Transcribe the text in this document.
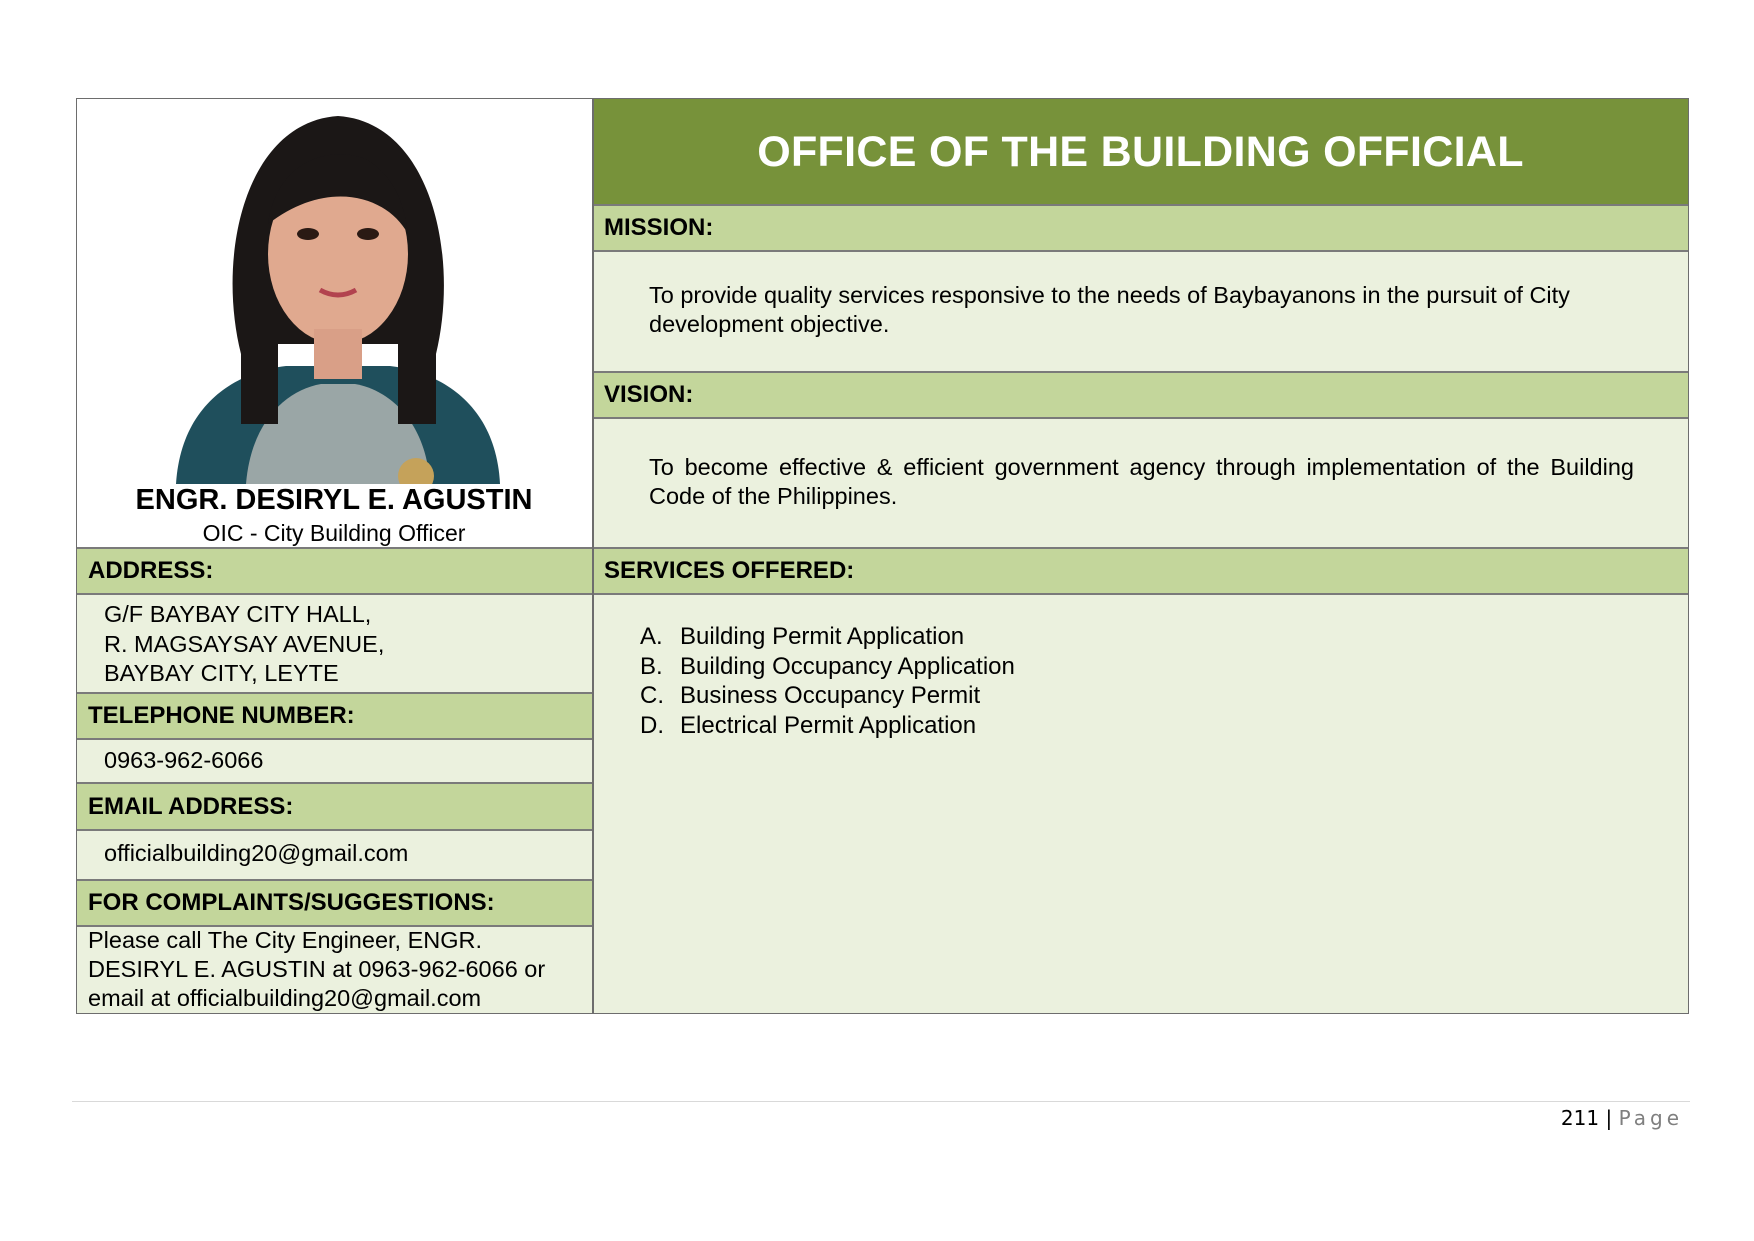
OFFICE OF THE BUILDING OFFICIAL
MISSION:
To provide quality services responsive to the needs of Baybayanons in the pursuit of City development objective.
VISION:
To become effective & efficient government agency through implementation of the Building Code of the Philippines.
ENGR. DESIRYL E. AGUSTIN
OIC - City Building Officer
ADDRESS:
G/F BAYBAY CITY HALL,
R. MAGSAYSAY AVENUE,
BAYBAY CITY, LEYTE
TELEPHONE NUMBER:
0963-962-6066
EMAIL ADDRESS:
officialbuilding20@gmail.com
FOR COMPLAINTS/SUGGESTIONS:
Please call The City Engineer, ENGR.
DESIRYL E. AGUSTIN at 0963-962-6066 or
email at officialbuilding20@gmail.com
SERVICES OFFERED:
A. Building Permit Application
B. Building Occupancy Application
C. Business Occupancy Permit
D. Electrical Permit Application
211 | Page
